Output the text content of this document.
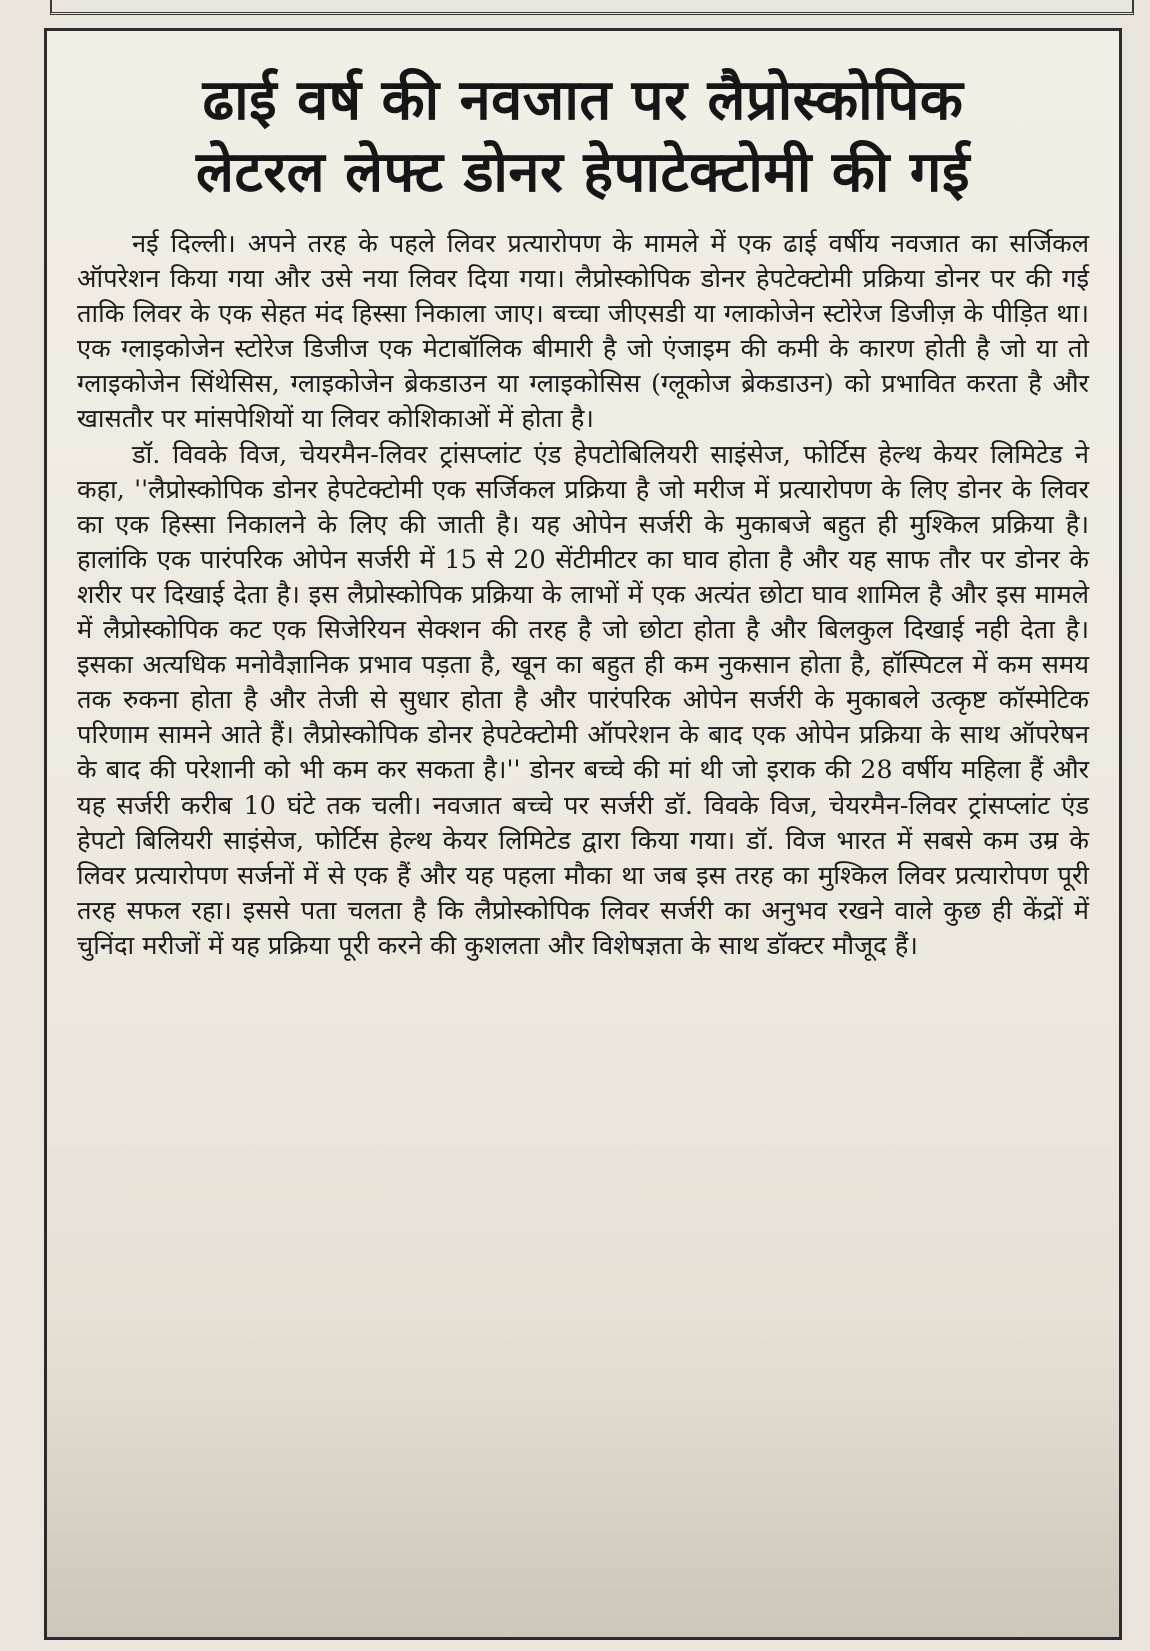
ढाई वर्ष की नवजात पर लैप्रोस्कोपिक
लेटरल लेफ्ट डोनर हेपाटेक्टोमी की गई

नई दिल्ली। अपने तरह के पहले लिवर प्रत्यारोपण के मामले में एक ढाई वर्षीय नवजात का सर्जिकल ऑपरेशन किया गया और उसे नया लिवर दिया गया। लैप्रोस्कोपिक डोनर हेपटेक्टोमी प्रक्रिया डोनर पर की गई ताकि लिवर के एक सेहत मंद हिस्सा निकाला जाए। बच्चा जीएसडी या ग्लाकोजेन स्टोरेज डिजीज़ के पीड़ित था। एक ग्लाइकोजेन स्टोरेज डिजीज एक मेटाबॉलिक बीमारी है जो एंजाइम की कमी के कारण होती है जो या तो ग्लाइकोजेन सिंथेसिस, ग्लाइकोजेन ब्रेकडाउन या ग्लाइकोसिस (ग्लूकोज ब्रेकडाउन) को प्रभावित करता है और खासतौर पर मांसपेशियों या लिवर कोशिकाओं में होता है।

डॉ. विवके विज, चेयरमैन-लिवर ट्रांसप्लांट एंड हेपटोबिलियरी साइंसेज, फोर्टिस हेल्थ केयर लिमिटेड ने कहा, ''लैप्रोस्कोपिक डोनर हेपटेक्टोमी एक सर्जिकल प्रक्रिया है जो मरीज में प्रत्यारोपण के लिए डोनर के लिवर का एक हिस्सा निकालने के लिए की जाती है। यह ओपेन सर्जरी के मुकाबजे बहुत ही मुश्किल प्रक्रिया है। हालांकि एक पारंपरिक ओपेन सर्जरी में 15 से 20 सेंटीमीटर का घाव होता है और यह साफ तौर पर डोनर के शरीर पर दिखाई देता है। इस लैप्रोस्कोपिक प्रक्रिया के लाभों में एक अत्यंत छोटा घाव शामिल है और इस मामले में लैप्रोस्कोपिक कट एक सिजेरियन सेक्शन की तरह है जो छोटा होता है और बिलकुल दिखाई नही देता है। इसका अत्यधिक मनोवैज्ञानिक प्रभाव पड़ता है, खून का बहुत ही कम नुकसान होता है, हॉस्पिटल में कम समय तक रुकना होता है और तेजी से सुधार होता है और पारंपरिक ओपेन सर्जरी के मुकाबले उत्कृष्ट कॉस्मेटिक परिणाम सामने आते हैं। लैप्रोस्कोपिक डोनर हेपटेक्टोमी ऑपरेशन के बाद एक ओपेन प्रक्रिया के साथ ऑपरेषन के बाद की परेशानी को भी कम कर सकता है।'' डोनर बच्चे की मां थी जो इराक की 28 वर्षीय महिला हैं और यह सर्जरी करीब 10 घंटे तक चली। नवजात बच्चे पर सर्जरी डॉ. विवके विज, चेयरमैन-लिवर ट्रांसप्लांट एंड हेपटो बिलियरी साइंसेज, फोर्टिस हेल्थ केयर लिमिटेड द्वारा किया गया। डॉ. विज भारत में सबसे कम उम्र के लिवर प्रत्यारोपण सर्जनों में से एक हैं और यह पहला मौका था जब इस तरह का मुश्किल लिवर प्रत्यारोपण पूरी तरह सफल रहा। इससे पता चलता है कि लैप्रोस्कोपिक लिवर सर्जरी का अनुभव रखने वाले कुछ ही केंद्रों में चुनिंदा मरीजों में यह प्रक्रिया पूरी करने की कुशलता और विशेषज्ञता के साथ डॉक्टर मौजूद हैं।
